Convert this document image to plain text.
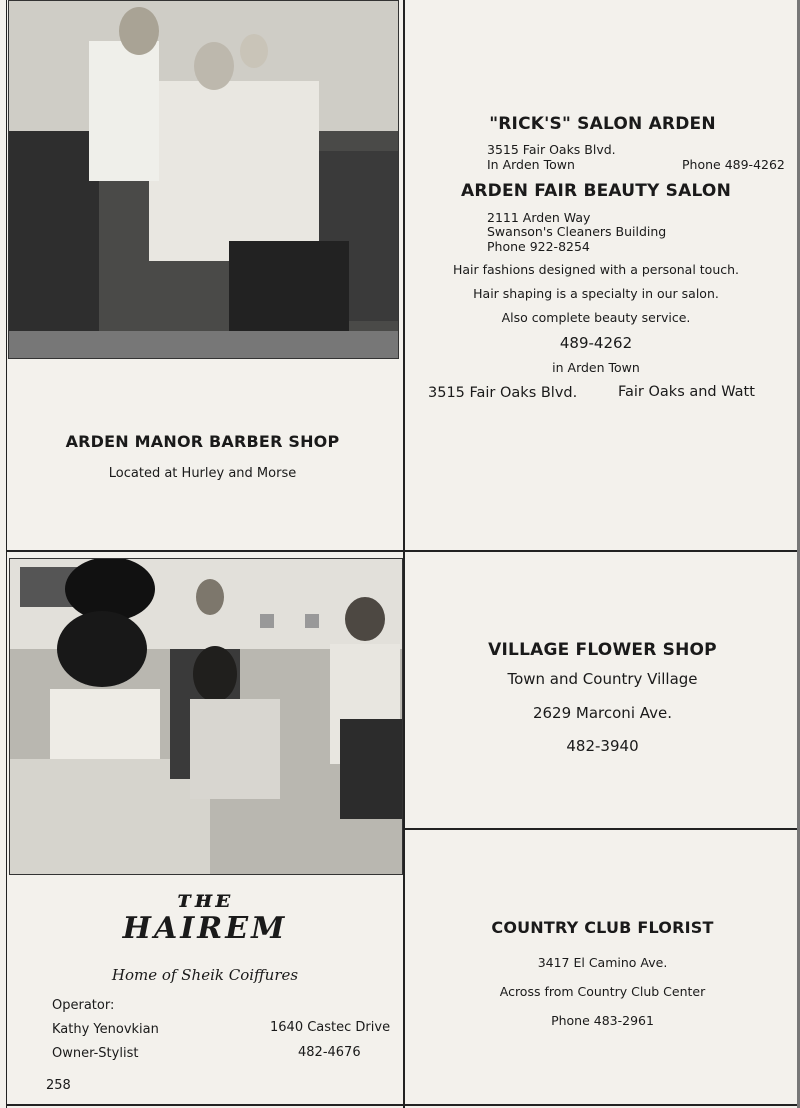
ARDEN MANOR BARBER SHOP
Located at Hurley and Morse
"RICK'S" SALON ARDEN
3515 Fair Oaks Blvd.
In Arden Town	Phone 489-4262
ARDEN FAIR BEAUTY SALON
2111 Arden Way
Swanson's Cleaners Building
Phone 922-8254
Hair fashions designed with a personal touch.
Hair shaping is a specialty in our salon.
Also complete beauty service.
489-4262
in Arden Town
3515 Fair Oaks Blvd.	Fair Oaks and Watt
ᴛʜᴇ
HAIREM
Home of Sheik Coiffures
Operator:
Kathy Yenovkian
Owner-Stylist
1640 Castec Drive
482-4676
258
VILLAGE FLOWER SHOP
Town and Country Village
2629 Marconi Ave.
482-3940
COUNTRY CLUB FLORIST
3417 El Camino Ave.
Across from Country Club Center
Phone 483-2961
